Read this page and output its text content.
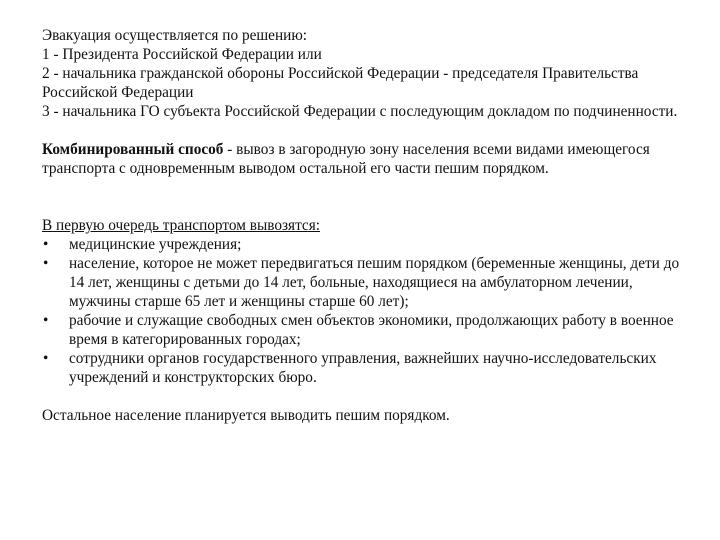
Эвакуация осуществляется по решению:

1 - Президента Российской Федерации или

2 - начальника гражданской обороны Российской Федерации - председателя Правительства Российской Федерации

3 - начальника ГО субъекта Российской Федерации с последующим докладом по подчиненности.

Комбинированный способ - вывоз в загородную зону населения всеми видами имеющегося транспорта с одновременным выводом остальной его части пешим порядком.

В первую очередь транспортом вывозятся:

• медицинские учреждения;
• население, которое не может передвигаться пешим порядком (беременные женщины, дети до 14 лет, женщины с детьми до 14 лет, больные, находящиеся на амбулаторном лечении, мужчины старше 65 лет и женщины старше 60 лет);
• рабочие и служащие свободных смен объектов экономики, продолжающих работу в военное время в категорированных городах;
• сотрудники органов государственного управления, важнейших научно-исследовательских учреждений и конструкторских бюро.

Остальное население планируется выводить пешим порядком.
